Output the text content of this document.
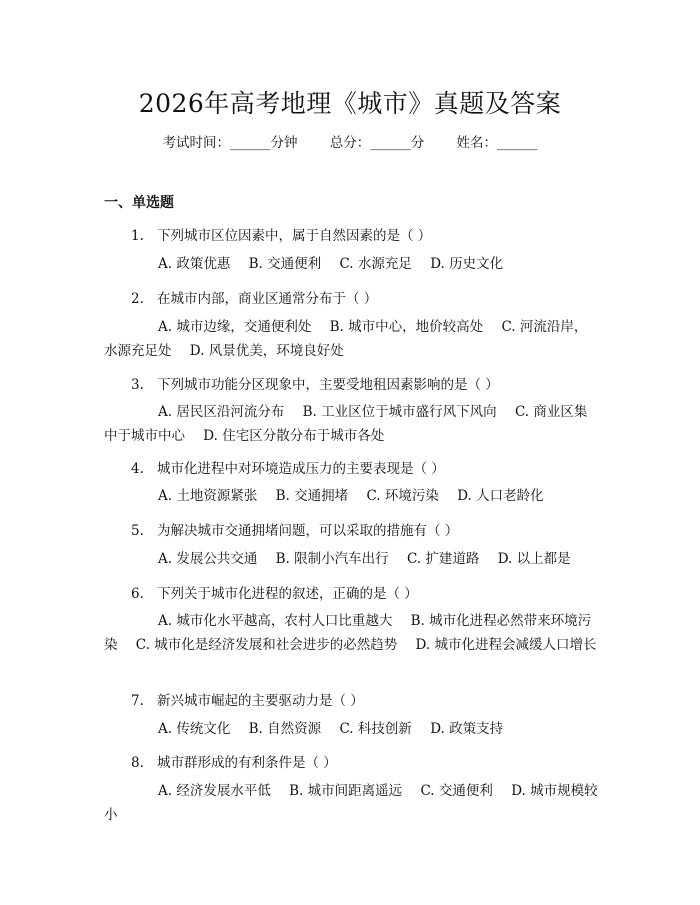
2026年高考地理《城市》真题及答案
考试时间：______分钟 总分：______分 姓名：______
一、单选题
1. 下列城市区位因素中，属于自然因素的是（ ）
A. 政策优惠 B. 交通便利 C. 水源充足 D. 历史文化
2. 在城市内部，商业区通常分布于（ ）
A. 城市边缘，交通便利处 B. 城市中心，地价较高处 C. 河流沿岸，水源充足处 D. 风景优美，环境良好处
3. 下列城市功能分区现象中，主要受地租因素影响的是（ ）
A. 居民区沿河流分布 B. 工业区位于城市盛行风下风向 C. 商业区集中于城市中心 D. 住宅区分散分布于城市各处
4. 城市化进程中对环境造成压力的主要表现是（ ）
A. 土地资源紧张 B. 交通拥堵 C. 环境污染 D. 人口老龄化
5. 为解决城市交通拥堵问题，可以采取的措施有（ ）
A. 发展公共交通 B. 限制小汽车出行 C. 扩建道路 D. 以上都是
6. 下列关于城市化进程的叙述，正确的是（ ）
A. 城市化水平越高，农村人口比重越大 B. 城市化进程必然带来环境污染 C. 城市化是经济发展和社会进步的必然趋势 D. 城市化进程会减缓人口增长
7. 新兴城市崛起的主要驱动力是（ ）
A. 传统文化 B. 自然资源 C. 科技创新 D. 政策支持
8. 城市群形成的有利条件是（ ）
A. 经济发展水平低 B. 城市间距离遥远 C. 交通便利 D. 城市规模较小
